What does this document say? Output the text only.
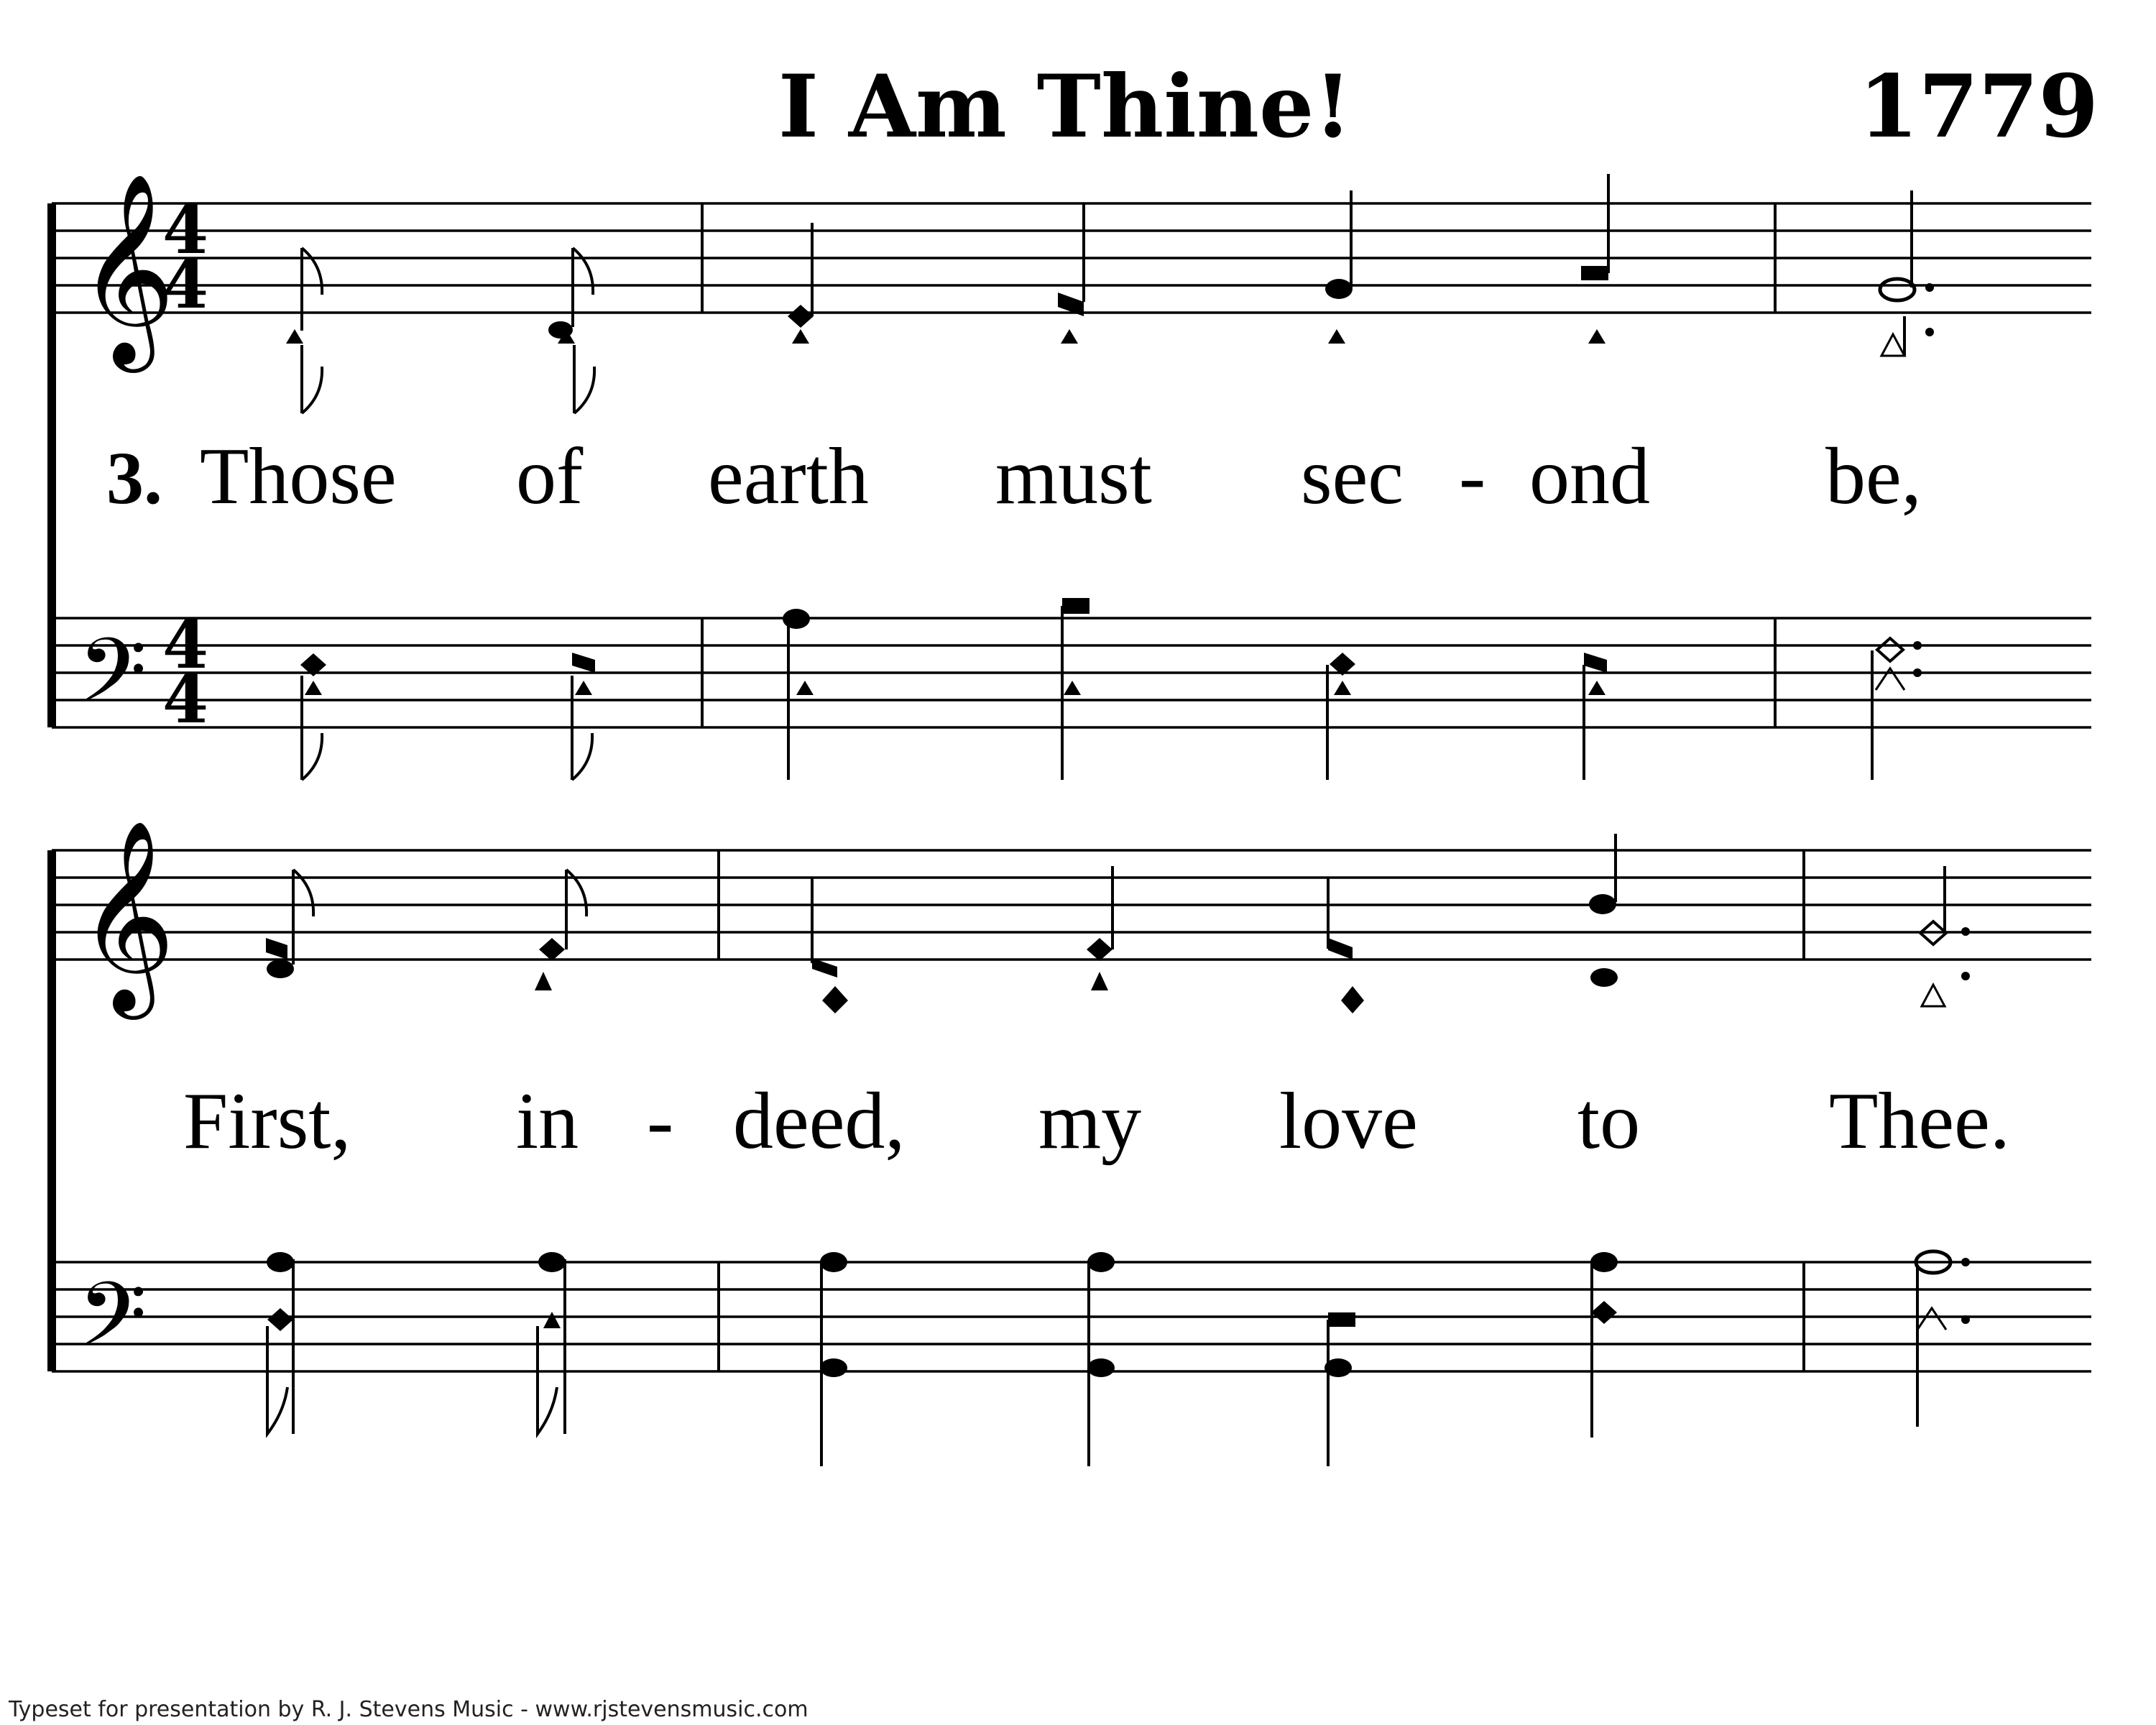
I Am Thine!	1779
𝄞
𝄢
4
4
4
4
3. Those of earth must sec - ond be,
𝄞
𝄢
First, in - deed, my love to Thee.
Typeset for presentation by R. J. Stevens Music - www.rjstevensmusic.com
